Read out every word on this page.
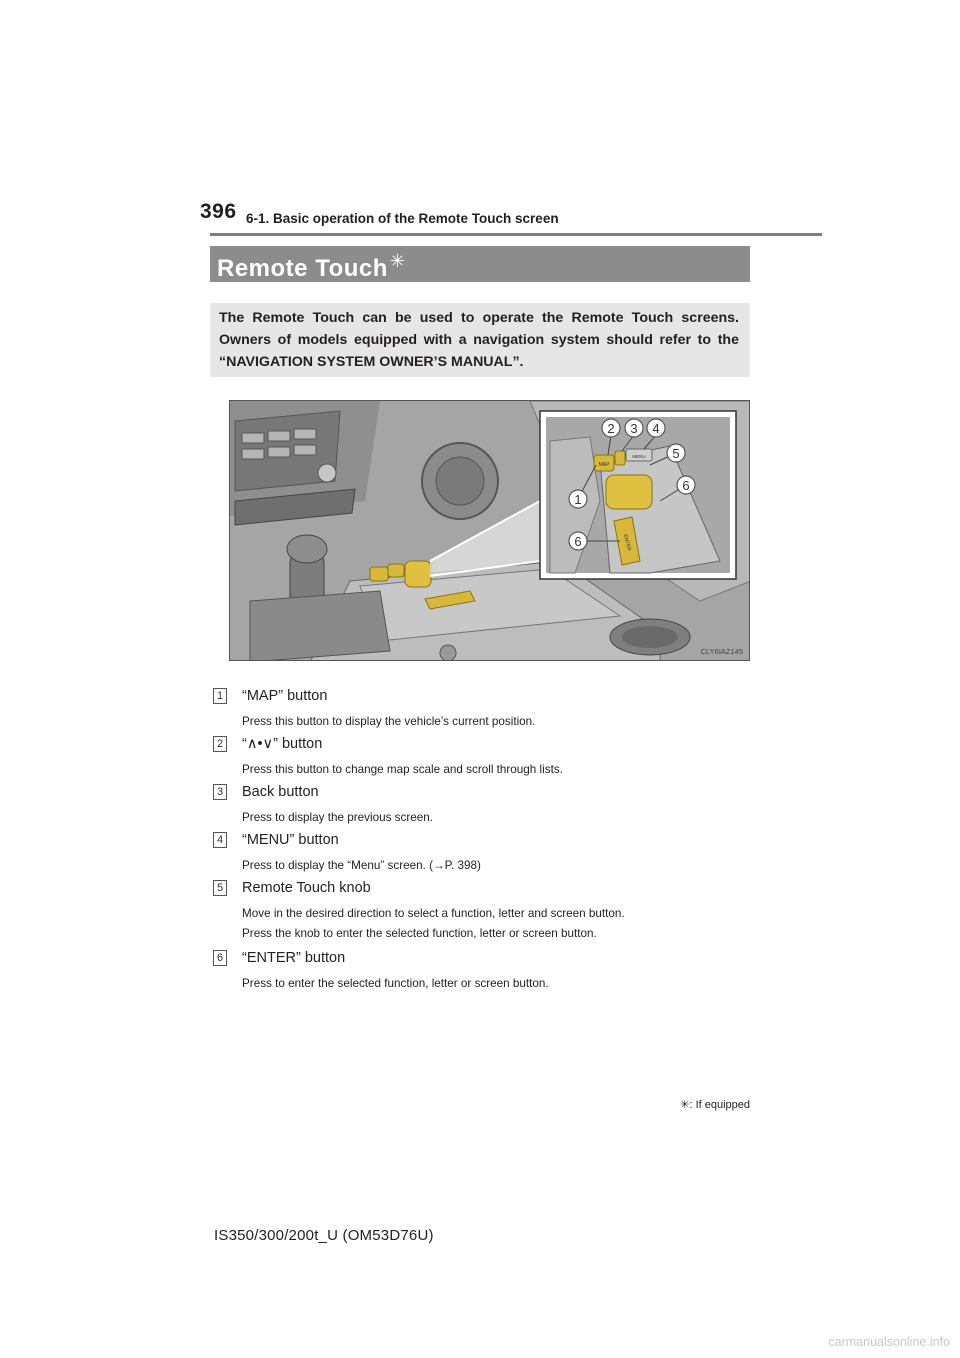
396 6-1. Basic operation of the Remote Touch screen
Remote Touch ✳
The Remote Touch can be used to operate the Remote Touch screens. Owners of models equipped with a navigation system should refer to the “NAVIGATION SYSTEM OWNER’S MANUAL”.
MAP
MENU
ENTER
2 3 4
5
6
1
6
CLY6IAZ145
1	“MAP” button
Press this button to display the vehicle’s current position.
2	“∧•∨” button
Press this button to change map scale and scroll through lists.
3	Back button
Press to display the previous screen.
4	“MENU” button
Press to display the “Menu” screen. (→P. 398)
5	Remote Touch knob
Move in the desired direction to select a function, letter and screen button.
Press the knob to enter the selected function, letter or screen button.
6	“ENTER” button
Press to enter the selected function, letter or screen button.
✳: If equipped
IS350/300/200t_U (OM53D76U)
carmanualsonline.info
